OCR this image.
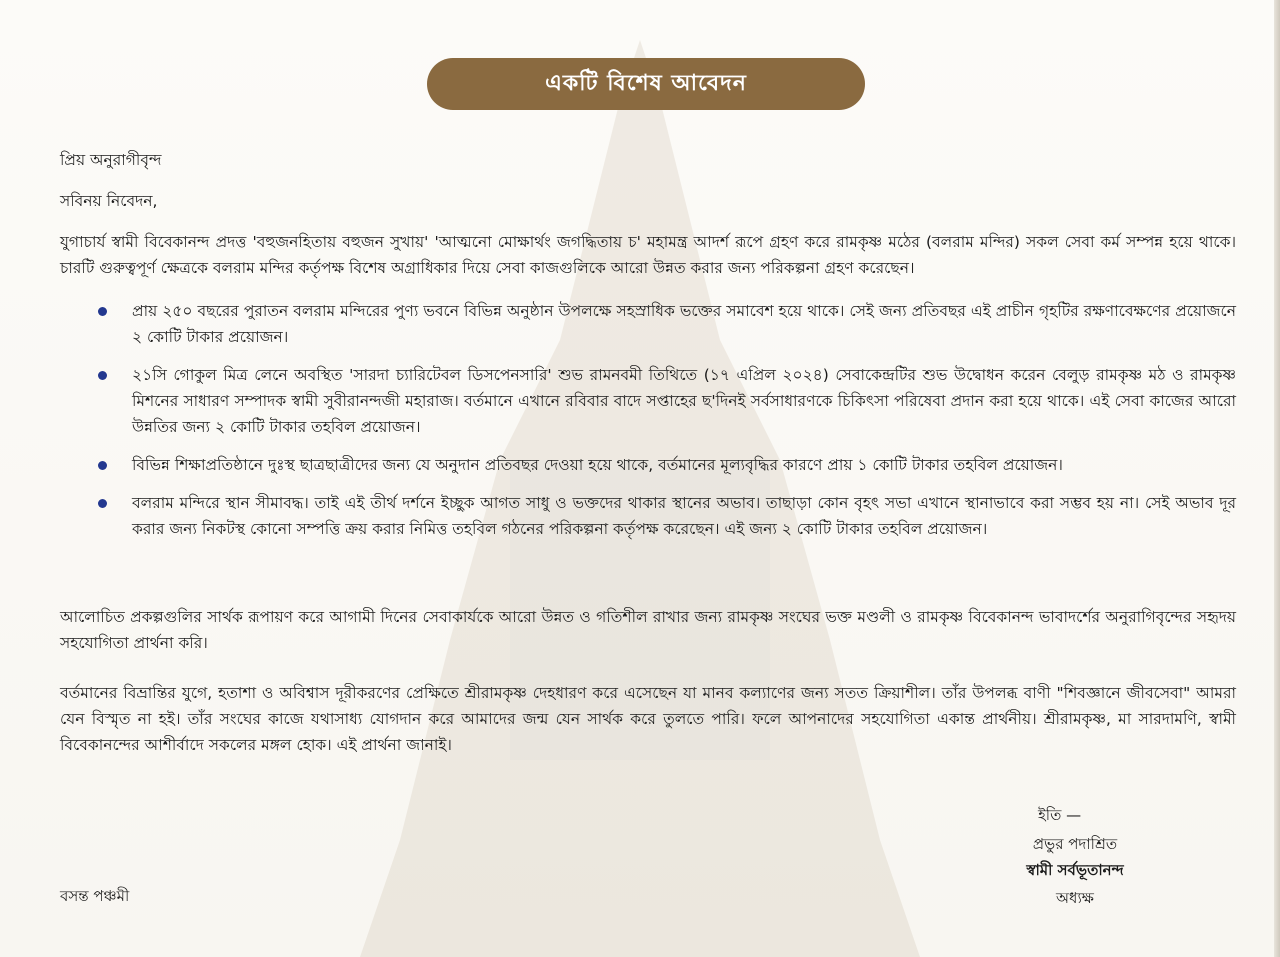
একটি বিশেষ আবেদন
প্রিয় অনুরাগীবৃন্দ
সবিনয় নিবেদন,
যুগাচার্য স্বামী বিবেকানন্দ প্রদত্ত 'বহুজনহিতায় বহুজন সুখায়' 'আত্মনো মোক্ষার্থং জগদ্ধিতায় চ' মহামন্ত্র আদর্শ রূপে গ্রহণ করে রামকৃষ্ণ মঠের (বলরাম মন্দির) সকল সেবা কর্ম সম্পন্ন হয়ে থাকে। চারটি গুরুত্বপূর্ণ ক্ষেত্রকে বলরাম মন্দির কর্তৃপক্ষ বিশেষ অগ্রাধিকার দিয়ে সেবা কাজগুলিকে আরো উন্নত করার জন্য পরিকল্পনা গ্রহণ করেছেন।
প্রায় ২৫০ বছরের পুরাতন বলরাম মন্দিরের পুণ্য ভবনে বিভিন্ন অনুষ্ঠান উপলক্ষে সহস্রাধিক ভক্তের সমাবেশ হয়ে থাকে। সেই জন্য প্রতিবছর এই প্রাচীন গৃহটির রক্ষণাবেক্ষণের প্রয়োজনে ২ কোটি টাকার প্রয়োজন।
২১সি গোকুল মিত্র লেনে অবস্থিত 'সারদা চ্যারিটেবল ডিসপেনসারি' শুভ রামনবমী তিথিতে (১৭ এপ্রিল ২০২৪) সেবাকেন্দ্রটির শুভ উদ্বোধন করেন বেলুড় রামকৃষ্ণ মঠ ও রামকৃষ্ণ মিশনের সাধারণ সম্পাদক স্বামী সুবীরানন্দজী মহারাজ। বর্তমানে এখানে রবিবার বাদে সপ্তাহের ছ'দিনই সর্বসাধারণকে চিকিৎসা পরিষেবা প্রদান করা হয়ে থাকে। এই সেবা কাজের আরো উন্নতির জন্য ২ কোটি টাকার তহবিল প্রয়োজন।
বিভিন্ন শিক্ষাপ্রতিষ্ঠানে দুঃস্থ ছাত্রছাত্রীদের জন্য যে অনুদান প্রতিবছর দেওয়া হয়ে থাকে, বর্তমানের মূল্যবৃদ্ধির কারণে প্রায় ১ কোটি টাকার তহবিল প্রয়োজন।
বলরাম মন্দিরে স্থান সীমাবদ্ধ। তাই এই তীর্থ দর্শনে ইচ্ছুক আগত সাধু ও ভক্তদের থাকার স্থানের অভাব। তাছাড়া কোন বৃহৎ সভা এখানে স্থানাভাবে করা সম্ভব হয় না। সেই অভাব দূর করার জন্য নিকটস্থ কোনো সম্পত্তি ক্রয় করার নিমিত্ত তহবিল গঠনের পরিকল্পনা কর্তৃপক্ষ করেছেন। এই জন্য ২ কোটি টাকার তহবিল প্রয়োজন।
আলোচিত প্রকল্পগুলির সার্থক রূপায়ণ করে আগামী দিনের সেবাকার্যকে আরো উন্নত ও গতিশীল রাখার জন্য রামকৃষ্ণ সংঘের ভক্ত মণ্ডলী ও রামকৃষ্ণ বিবেকানন্দ ভাবাদর্শের অনুরাগিবৃন্দের সহৃদয় সহযোগিতা প্রার্থনা করি।
বর্তমানের বিভ্রান্তির যুগে, হতাশা ও অবিশ্বাস দূরীকরণের প্রেক্ষিতে শ্রীরামকৃষ্ণ দেহধারণ করে এসেছেন যা মানব কল্যাণের জন্য সতত ক্রিয়াশীল। তাঁর উপলব্ধ বাণী "শিবজ্ঞানে জীবসেবা" আমরা যেন বিস্মৃত না হই। তাঁর সংঘের কাজে যথাসাধ্য যোগদান করে আমাদের জন্ম যেন সার্থক করে তুলতে পারি। ফলে আপনাদের সহযোগিতা একান্ত প্রার্থনীয়। শ্রীরামকৃষ্ণ, মা সারদামণি, স্বামী বিবেকানন্দের আশীর্বাদে সকলের মঙ্গল হোক। এই প্রার্থনা জানাই।
ইতি —
প্রভুর পদাশ্রিত
স্বামী সর্বভূতানন্দ
অধ্যক্ষ
বসন্ত পঞ্চমী
